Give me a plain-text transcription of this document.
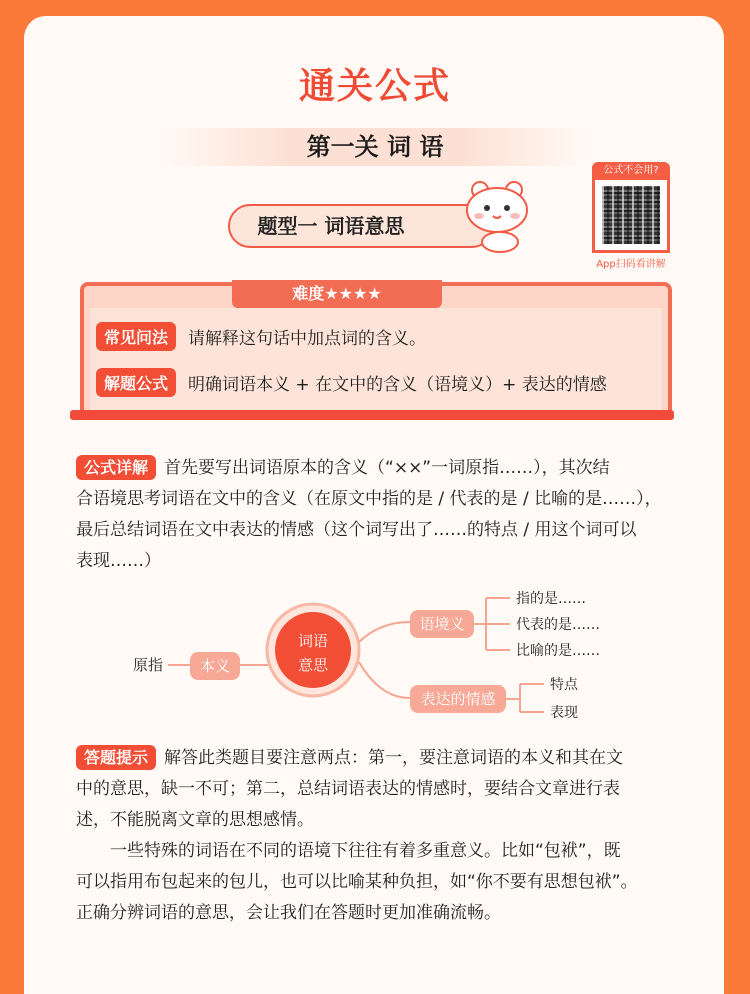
通关公式
第一关 词 语
公式不会用?
App扫码看讲解
题型一 词语意思
难度★★★★
常见问法	请解释这句话中加点词的含义。
解题公式	明确词语本义 + 在文中的含义（语境义）+ 表达的情感
公式详解 首先要写出词语原本的含义（“××”一词原指……），其次结
合语境思考词语在文中的含义（在原文中指的是 / 代表的是 / 比喻的是……），
最后总结词语在文中表达的情感（这个词写出了……的特点 / 用这个词可以
表现……）
原指 本义
词语
意思
语境义
表达的情感
指的是……
代表的是……
比喻的是……
特点
表现
答题提示 解答此类题目要注意两点：第一，要注意词语的本义和其在文
中的意思，缺一不可；第二，总结词语表达的情感时，要结合文章进行表
述，不能脱离文章的思想感情。
一些特殊的词语在不同的语境下往往有着多重意义。比如“包袱”，既
可以指用布包起来的包儿，也可以比喻某种负担，如“你不要有思想包袱”。
正确分辨词语的意思，会让我们在答题时更加准确流畅。
